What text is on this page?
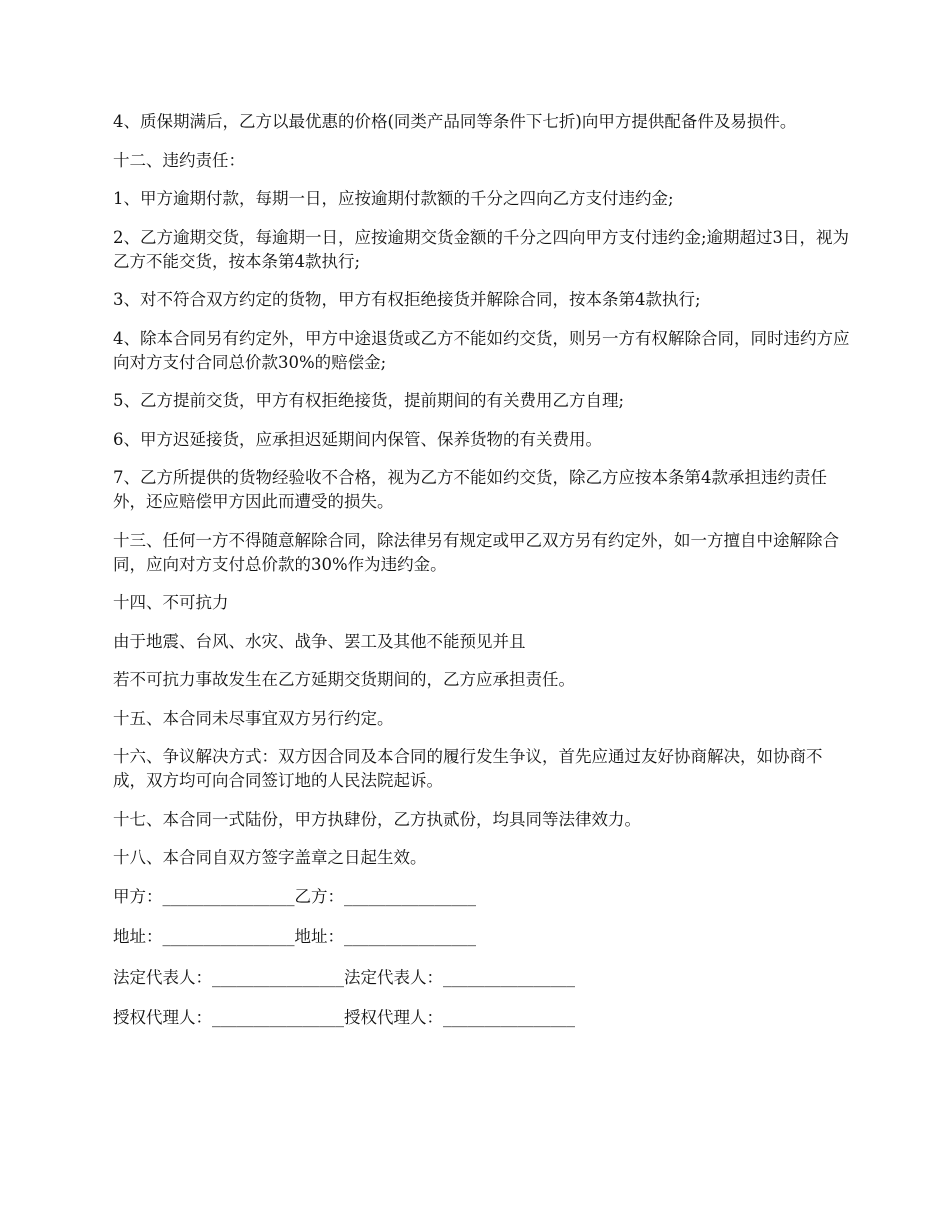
4、质保期满后，乙方以最优惠的价格(同类产品同等条件下七折)向甲方提供配备件及易损件。

十二、违约责任：

1、甲方逾期付款，每期一日，应按逾期付款额的千分之四向乙方支付违约金;

2、乙方逾期交货，每逾期一日，应按逾期交货金额的千分之四向甲方支付违约金;逾期超过3日，视为乙方不能交货，按本条第4款执行;

3、对不符合双方约定的货物，甲方有权拒绝接货并解除合同，按本条第4款执行;

4、除本合同另有约定外，甲方中途退货或乙方不能如约交货，则另一方有权解除合同，同时违约方应向对方支付合同总价款30%的赔偿金;

5、乙方提前交货，甲方有权拒绝接货，提前期间的有关费用乙方自理;

6、甲方迟延接货，应承担迟延期间内保管、保养货物的有关费用。

7、乙方所提供的货物经验收不合格，视为乙方不能如约交货，除乙方应按本条第4款承担违约责任外，还应赔偿甲方因此而遭受的损失。

十三、任何一方不得随意解除合同，除法律另有规定或甲乙双方另有约定外，如一方擅自中途解除合同，应向对方支付总价款的30%作为违约金。

十四、不可抗力

由于地震、台风、水灾、战争、罢工及其他不能预见并且

若不可抗力事故发生在乙方延期交货期间的，乙方应承担责任。

十五、本合同未尽事宜双方另行约定。

十六、争议解决方式：双方因合同及本合同的履行发生争议，首先应通过友好协商解决，如协商不成，双方均可向合同签订地的人民法院起诉。

十七、本合同一式陆份，甲方执肆份，乙方执贰份，均具同等法律效力。

十八、本合同自双方签字盖章之日起生效。

甲方：________________乙方：________________
地址：________________地址：________________
法定代表人：________________法定代表人：________________
授权代理人：________________授权代理人：________________
